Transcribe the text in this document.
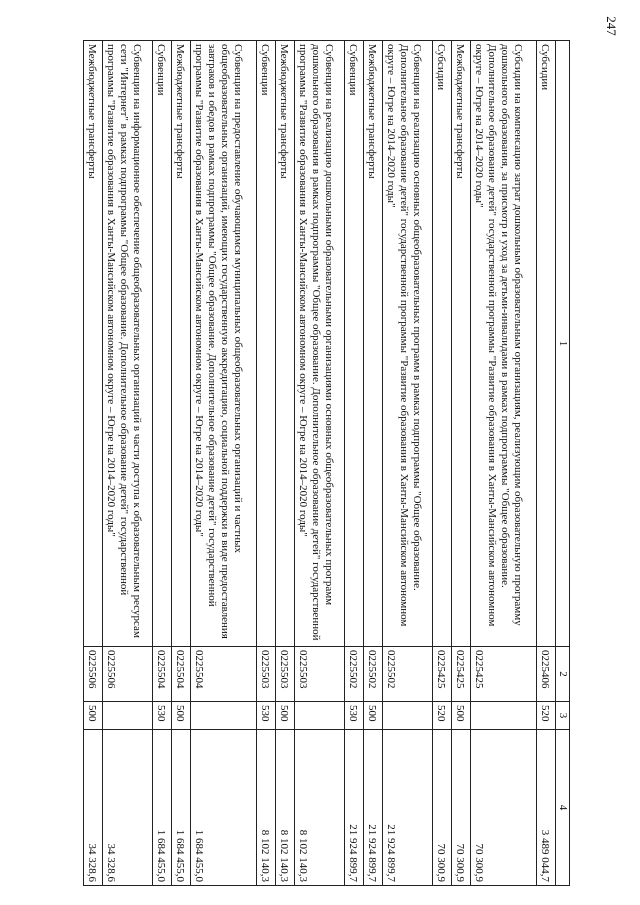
247
1	2	3	4
Субсидии	0225406	520	3 489 044,7
Субсидии на компенсацию затрат дошкольным образовательным организациям, реализующим образовательную программу дошкольного образования, за присмотр и уход за детьми-инвалидами в рамках подпрограммы "Общее образование. Дополнительное образование детей" государственной программы "Развитие образования в Ханты-Мансийском автономном округе – Югре на 2014–2020 годы"	0225425		70 300,9
Межбюджетные трансферты	0225425	500	70 300,9
Субсидии	0225425	520	70 300,9
Субвенции на реализацию основных общеобразовательных программ в рамках подпрограммы "Общее образование. Дополнительное образование детей" государственной программы "Развитие образования в Ханты-Мансийском автономном округе – Югре на 2014–2020 годы"	0225502		21 924 899,7
Межбюджетные трансферты	0225502	500	21 924 899,7
Субвенции	0225502	530	21 924 899,7
Субвенции на реализацию дошкольными образовательными организациями основных общеобразовательных программ дошкольного образования в рамках подпрограммы "Общее образование. Дополнительное образование детей" государственной программы "Развитие образования в Ханты-Мансийском автономном округе – Югре на 2014–2020 годы"	0225503		8 102 140,3
Межбюджетные трансферты	0225503	500	8 102 140,3
Субвенции	0225503	530	8 102 140,3
Субвенции на предоставление обучающимся муниципальных общеобразовательных организаций и частных общеобразовательных организаций, имеющих государственную аккредитацию, социальной поддержки в виде предоставления завтраков и обедов в рамках подпрограммы "Общее образование. Дополнительное образование детей" государственной программы "Развитие образования в Ханты-Мансийском автономном округе – Югре на 2014–2020 годы"	0225504		1 684 455,0
Межбюджетные трансферты	0225504	500	1 684 455,0
Субвенции	0225504	530	1 684 455,0
Субвенции на информационное обеспечение общеобразовательных организаций в части доступа к образовательным ресурсам сети "Интернет" в рамках подпрограммы "Общее образование. Дополнительное образование детей" государственной программы "Развитие образования в Ханты-Мансийском автономном округе – Югре на 2014–2020 годы"	0225506		34 328,6
Межбюджетные трансферты	0225506	500	34 328,6
